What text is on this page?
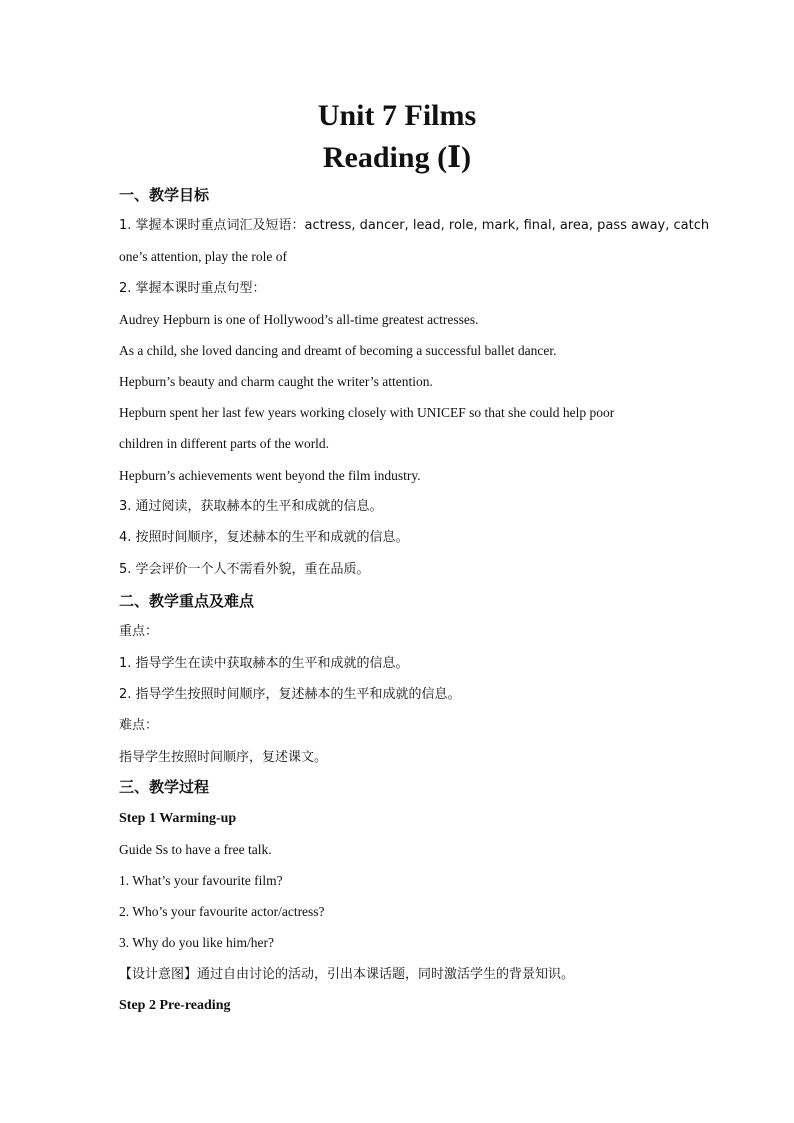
Unit 7 Films
Reading (Ⅰ)
一、教学目标
1. 掌握本课时重点词汇及短语：actress, dancer, lead, role, mark, final, area, pass away, catch
one’s attention, play the role of
2. 掌握本课时重点句型：
Audrey Hepburn is one of Hollywood’s all-time greatest actresses.
As a child, she loved dancing and dreamt of becoming a successful ballet dancer.
Hepburn’s beauty and charm caught the writer’s attention.
Hepburn spent her last few years working closely with UNICEF so that she could help poor
children in different parts of the world.
Hepburn’s achievements went beyond the film industry.
3. 通过阅读，获取赫本的生平和成就的信息。
4. 按照时间顺序，复述赫本的生平和成就的信息。
5. 学会评价一个人不需看外貌，重在品质。
二、教学重点及难点
重点：
1. 指导学生在读中获取赫本的生平和成就的信息。
2. 指导学生按照时间顺序，复述赫本的生平和成就的信息。
难点：
指导学生按照时间顺序，复述课文。
三、教学过程
Step 1 Warming-up
Guide Ss to have a free talk.
1. What’s your favourite film?
2. Who’s your favourite actor/actress?
3. Why do you like him/her?
【设计意图】通过自由讨论的活动，引出本课话题，同时激活学生的背景知识。
Step 2 Pre-reading
